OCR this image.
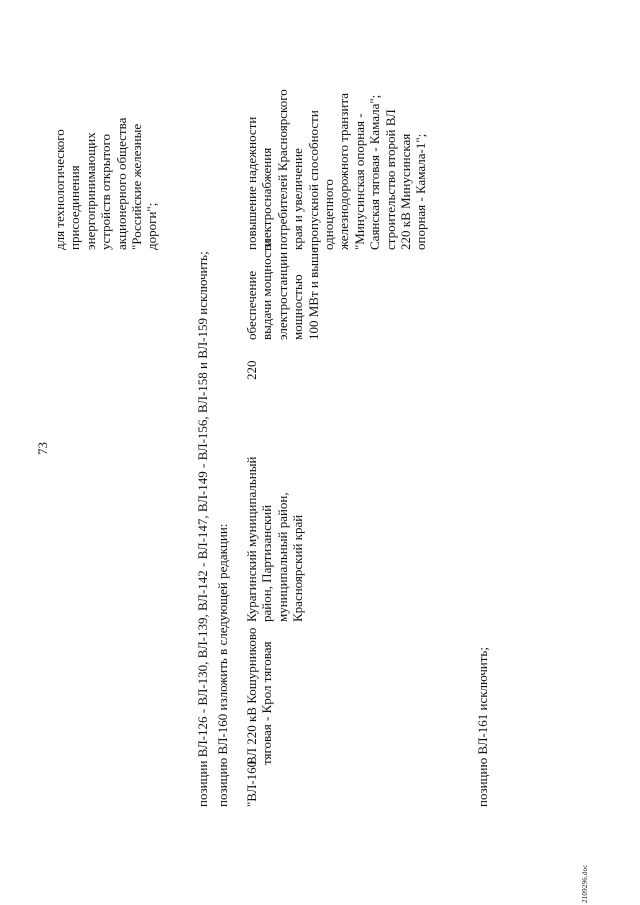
73
для технологического присоединения энергопринимающих устройств открытого акционерного общества "Российские железные дороги";
позиции ВЛ-126 - ВЛ-130, ВЛ-139, ВЛ-142 - ВЛ-147, ВЛ-149 - ВЛ-156, ВЛ-158 и ВЛ-159 исключить; позицию ВЛ-160 изложить в следующей редакции: "ВЛ-160
ВЛ 220 кВ Кошурниково тяговая - Крол тяговая
Курагинский муниципальный район, Партизанский муниципальный район, Красноярский край
220
обеспечение выдачи мощности электростанции мощностью 100 МВт и выше
повышение надежности электроснабжения потребителей Красноярского края и увеличение пропускной способности одноцепного железнодорожного транзита "Минусинская опорная - Саянская тяговая - Камала"; строительство второй ВЛ 220 кВ Минусинская опорная - Камала-1";
позицию ВЛ-161 исключить;
2109296.doc
